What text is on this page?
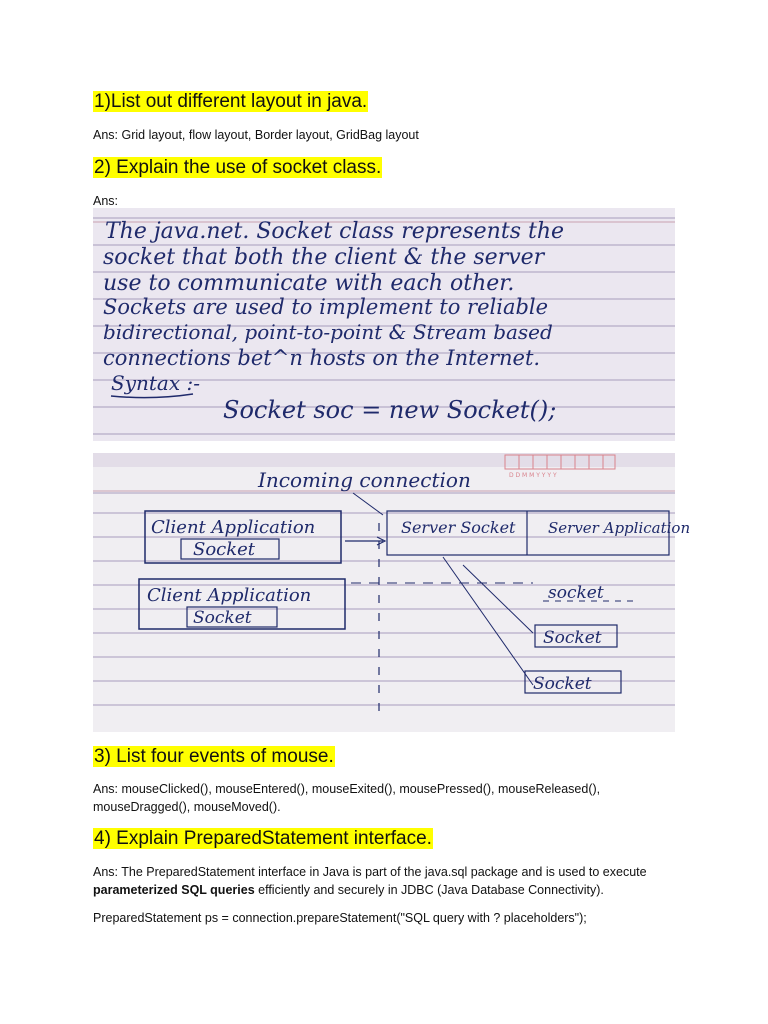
1)List out different layout in java.

Ans: Grid layout, flow layout, Border layout, GridBag layout

2) Explain the use of socket class.

Ans:

The java.net. Socket class represents the
socket that both the client & the server
use to communicate with each other.
Sockets are used to implement to reliable
bidirectional, point-to-point & Stream based
connections bet^n hosts on the Internet.
Syntax :-
Socket soc = new Socket();
D D M M Y Y Y Y
Incoming connection
Client Application
Socket
Server Socket Server Application
Client Application
Socket
socket
Socket
Socket
3) List four events of mouse.

Ans: mouseClicked(), mouseEntered(), mouseExited(), mousePressed(), mouseReleased(), mouseDragged(), mouseMoved().

4) Explain PreparedStatement interface.

Ans: The PreparedStatement interface in Java is part of the java.sql package and is used to execute parameterized SQL queries efficiently and securely in JDBC (Java Database Connectivity).

PreparedStatement ps = connection.prepareStatement("SQL query with ? placeholders");
